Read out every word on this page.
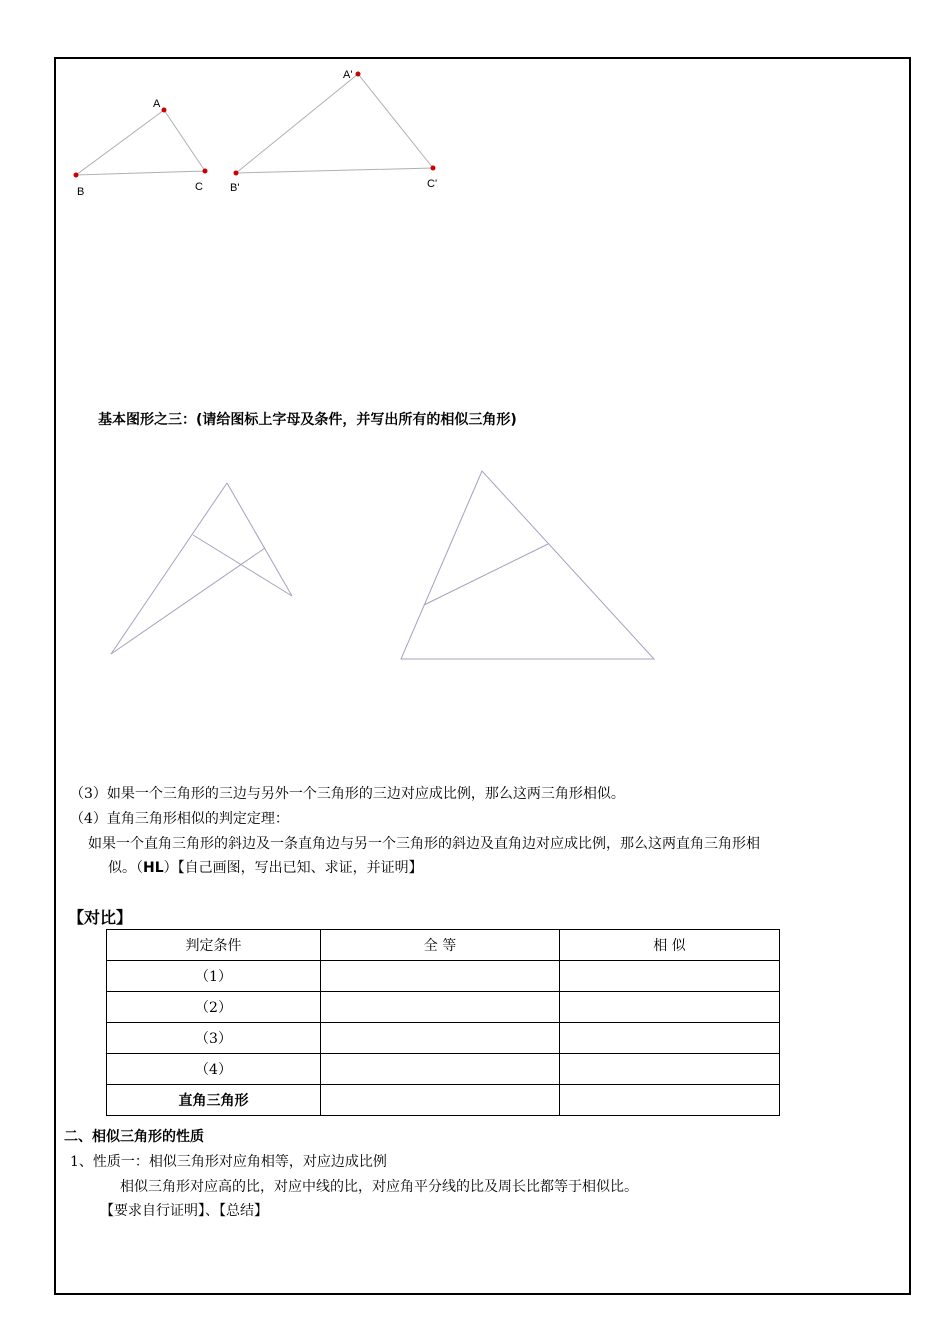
A
B	C
A'
B'	C'
基本图形之三：(请给图标上字母及条件，并写出所有的相似三角形)
（3）如果一个三角形的三边与另外一个三角形的三边对应成比例，那么这两三角形相似。
（4）直角三角形相似的判定定理：
如果一个直角三角形的斜边及一条直角边与另一个三角形的斜边及直角边对应成比例，那么这两直角三角形相
似。（HL）【自己画图，写出已知、求证，并证明】
【对比】
判定条件	全 等	相 似
（1）		
（2）		
（3）		
（4）		
直角三角形		
二、相似三角形的性质
1、性质一：相似三角形对应角相等，对应边成比例
相似三角形对应高的比，对应中线的比，对应角平分线的比及周长比都等于相似比。
【要求自行证明】、【总结】
